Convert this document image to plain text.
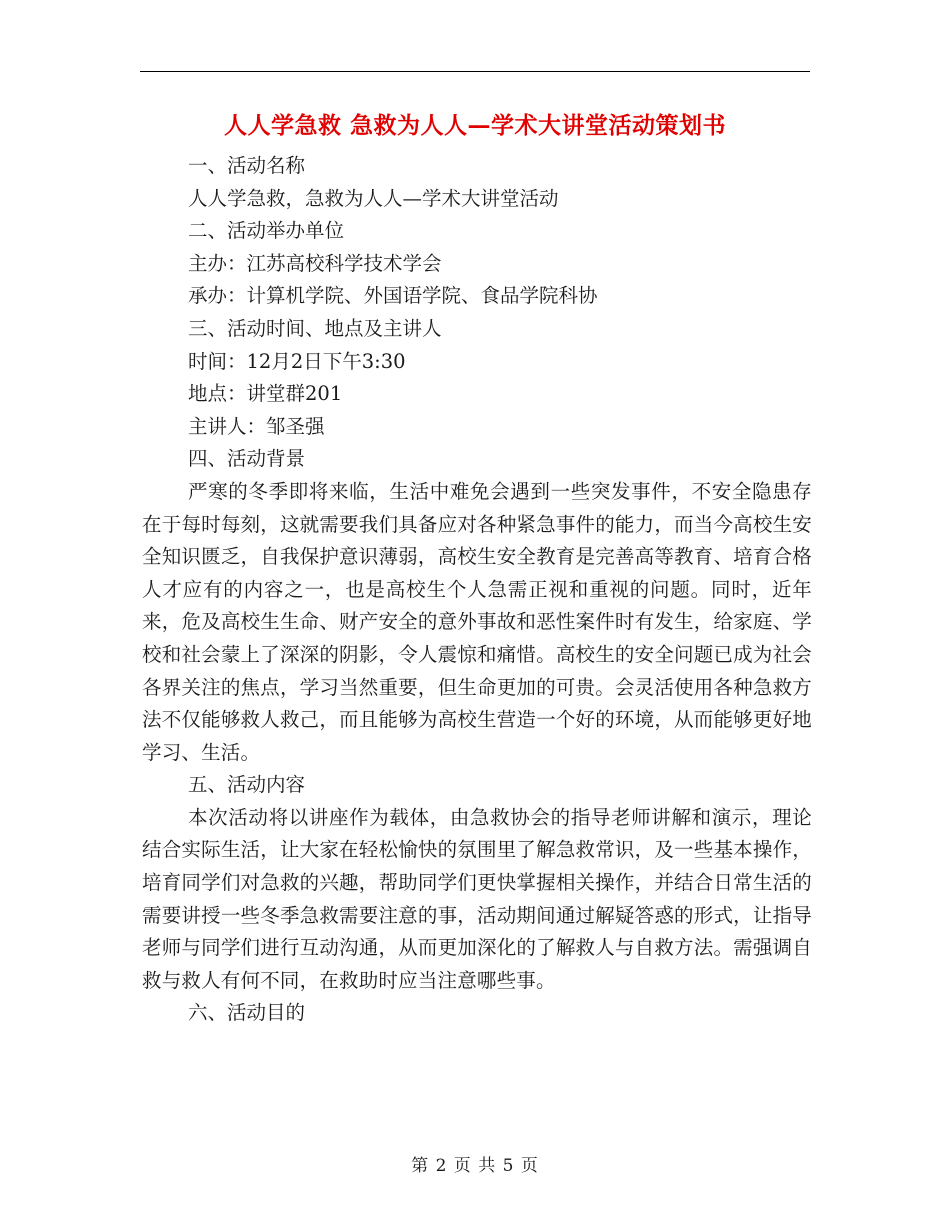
人人学急救 急救为人人—学术大讲堂活动策划书

一、活动名称

人人学急救，急救为人人—学术大讲堂活动

二、活动举办单位

主办：江苏高校科学技术学会

承办：计算机学院、外国语学院、食品学院科协

三、活动时间、地点及主讲人

时间：12月2日下午3:30

地点：讲堂群201

主讲人：邹圣强

四、活动背景

严寒的冬季即将来临，生活中难免会遇到一些突发事件，不安全隐患存在于每时每刻，这就需要我们具备应对各种紧急事件的能力，而当今高校生安全知识匮乏，自我保护意识薄弱，高校生安全教育是完善高等教育、培育合格人才应有的内容之一，也是高校生个人急需正视和重视的问题。同时，近年来，危及高校生生命、财产安全的意外事故和恶性案件时有发生，给家庭、学校和社会蒙上了深深的阴影，令人震惊和痛惜。高校生的安全问题已成为社会各界关注的焦点，学习当然重要，但生命更加的可贵。会灵活使用各种急救方法不仅能够救人救己，而且能够为高校生营造一个好的环境，从而能够更好地学习、生活。

五、活动内容

本次活动将以讲座作为载体，由急救协会的指导老师讲解和演示，理论结合实际生活，让大家在轻松愉快的氛围里了解急救常识，及一些基本操作，培育同学们对急救的兴趣，帮助同学们更快掌握相关操作，并结合日常生活的需要讲授一些冬季急救需要注意的事，活动期间通过解疑答惑的形式，让指导老师与同学们进行互动沟通，从而更加深化的了解救人与自救方法。需强调自救与救人有何不同，在救助时应当注意哪些事。

六、活动目的

第 2 页 共 5 页
